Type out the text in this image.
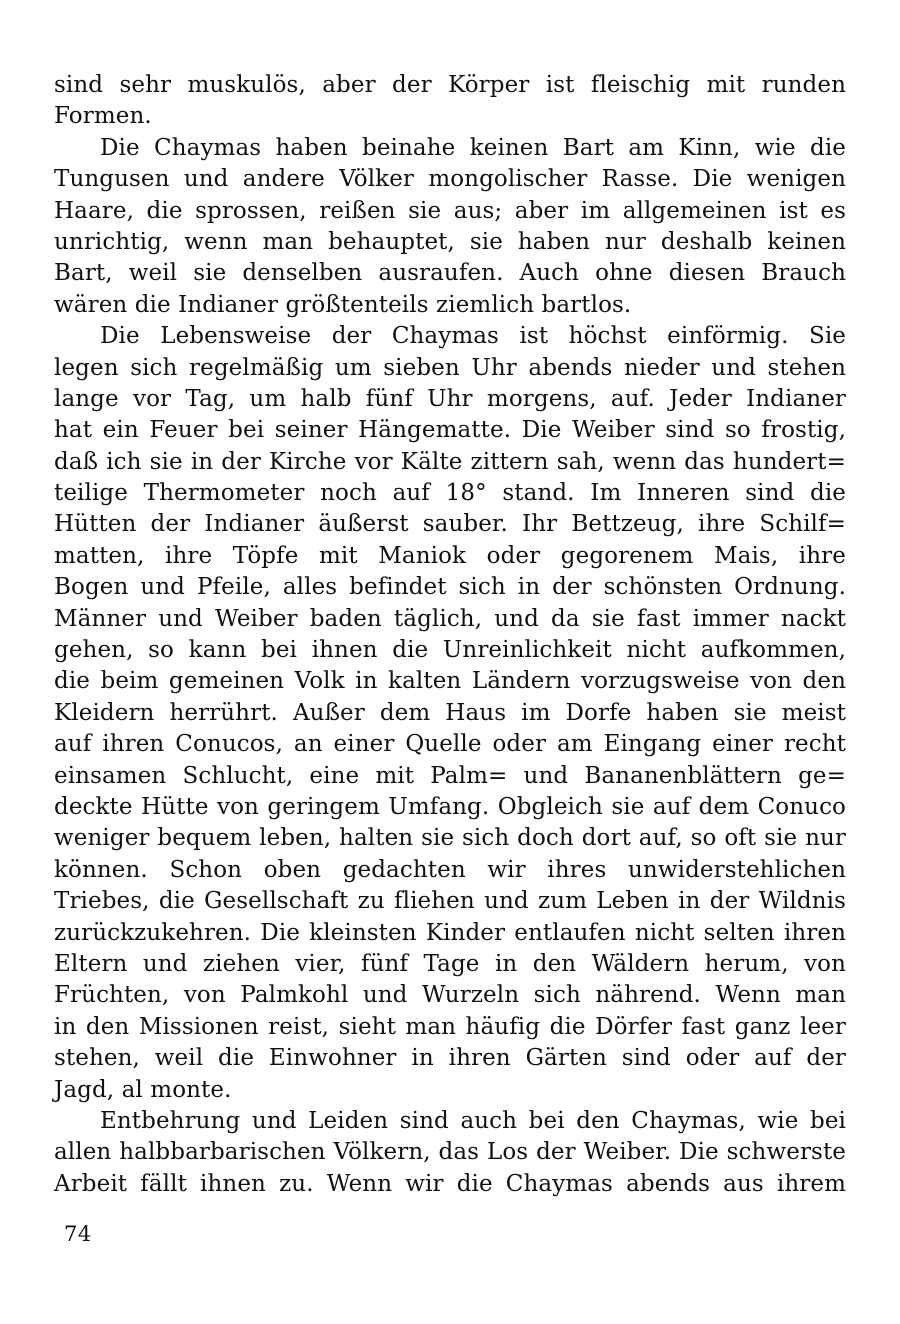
sind sehr muskulös, aber der Körper ist fleischig mit runden
Formen.
Die Chaymas haben beinahe keinen Bart am Kinn, wie die
Tungusen und andere Völker mongolischer Rasse. Die wenigen
Haare, die sprossen, reißen sie aus; aber im allgemeinen ist es
unrichtig, wenn man behauptet, sie haben nur deshalb keinen
Bart, weil sie denselben ausraufen. Auch ohne diesen Brauch
wären die Indianer größtenteils ziemlich bartlos.
Die Lebensweise der Chaymas ist höchst einförmig. Sie
legen sich regelmäßig um sieben Uhr abends nieder und stehen
lange vor Tag, um halb fünf Uhr morgens, auf. Jeder Indianer
hat ein Feuer bei seiner Hängematte. Die Weiber sind so frostig,
daß ich sie in der Kirche vor Kälte zittern sah, wenn das hundert=
teilige Thermometer noch auf 18° stand. Im Inneren sind die
Hütten der Indianer äußerst sauber. Ihr Bettzeug, ihre Schilf=
matten, ihre Töpfe mit Maniok oder gegorenem Mais, ihre
Bogen und Pfeile, alles befindet sich in der schönsten Ordnung.
Männer und Weiber baden täglich, und da sie fast immer nackt
gehen, so kann bei ihnen die Unreinlichkeit nicht aufkommen,
die beim gemeinen Volk in kalten Ländern vorzugsweise von den
Kleidern herrührt. Außer dem Haus im Dorfe haben sie meist
auf ihren Conucos, an einer Quelle oder am Eingang einer recht
einsamen Schlucht, eine mit Palm= und Bananenblättern ge=
deckte Hütte von geringem Umfang. Obgleich sie auf dem Conuco
weniger bequem leben, halten sie sich doch dort auf, so oft sie nur
können. Schon oben gedachten wir ihres unwiderstehlichen
Triebes, die Gesellschaft zu fliehen und zum Leben in der Wildnis
zurückzukehren. Die kleinsten Kinder entlaufen nicht selten ihren
Eltern und ziehen vier, fünf Tage in den Wäldern herum, von
Früchten, von Palmkohl und Wurzeln sich nährend. Wenn man
in den Missionen reist, sieht man häufig die Dörfer fast ganz leer
stehen, weil die Einwohner in ihren Gärten sind oder auf der
Jagd, al monte.
Entbehrung und Leiden sind auch bei den Chaymas, wie bei
allen halbbarbarischen Völkern, das Los der Weiber. Die schwerste
Arbeit fällt ihnen zu. Wenn wir die Chaymas abends aus ihrem
74
